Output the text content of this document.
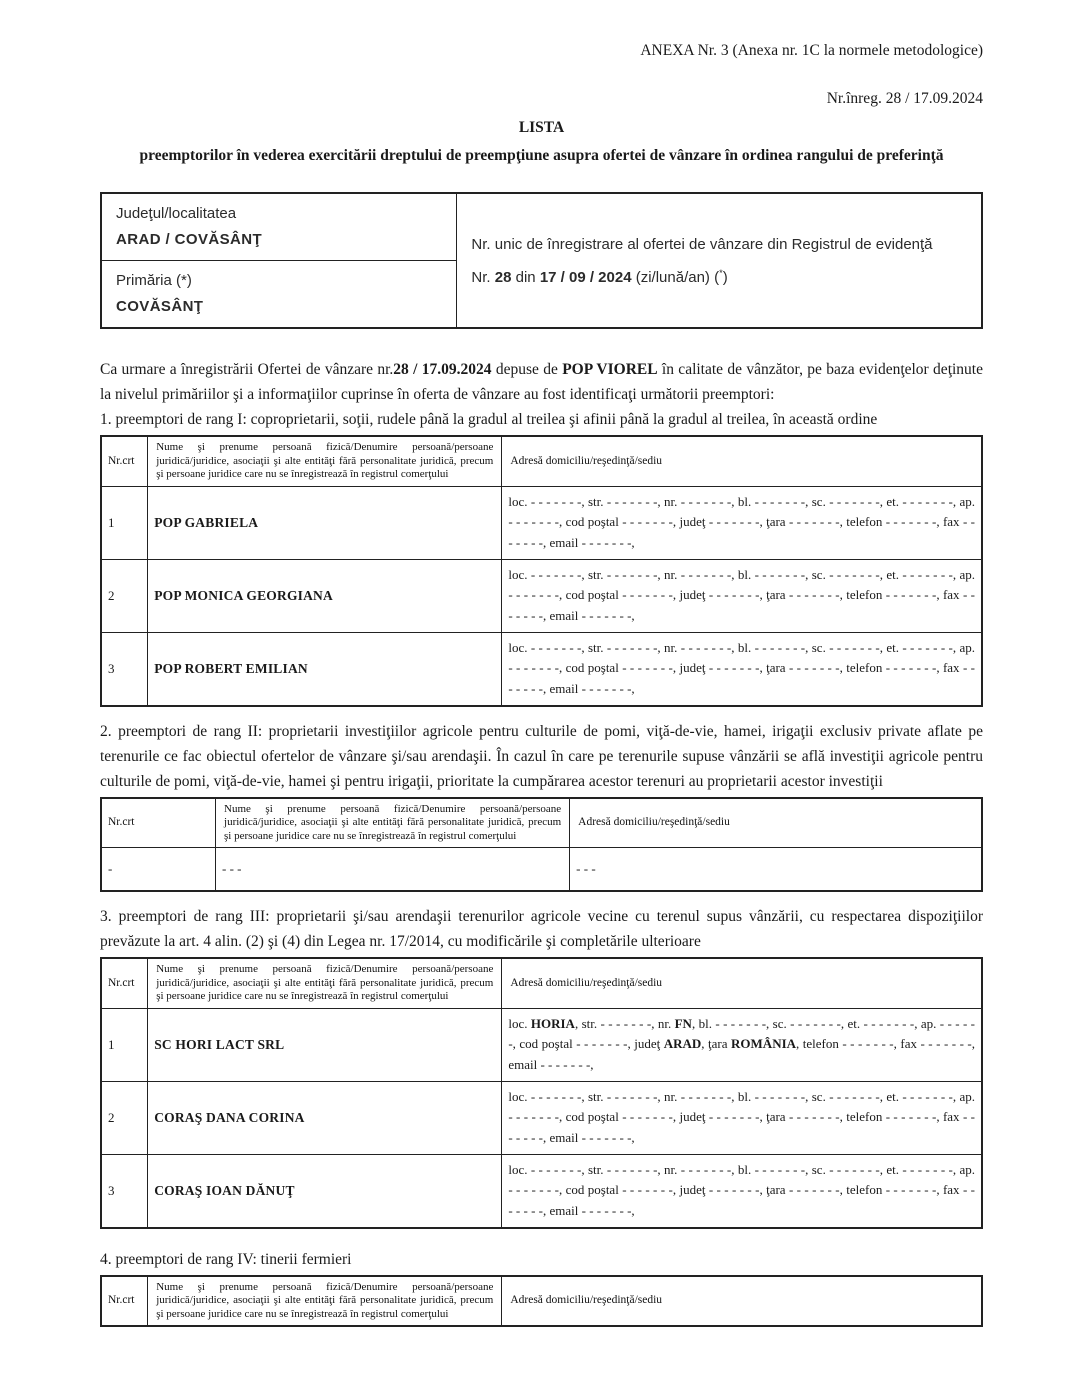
ANEXA Nr. 3 (Anexa nr. 1C la normele metodologice)
Nr.înreg. 28 / 17.09.2024
LISTA
preemptorilor în vederea exercitării dreptului de preempţiune asupra ofertei de vânzare în ordinea rangului de preferinţă
Judeţul/localitatea
ARAD / COVĂSÂNŢ	Nr. unic de înregistrare al ofertei de vânzare din Registrul de evidenţă
Nr. 28 din 17 / 09 / 2024 (zi/lună/an) (*)

Primăria (*)
COVĂSÂNŢ

Ca urmare a înregistrării Ofertei de vânzare nr.28 / 17.09.2024 depuse de POP VIOREL în calitate de vânzător, pe baza evidenţelor deţinute la nivelul primăriilor şi a informaţiilor cuprinse în oferta de vânzare au fost identificaţi următorii preemptori:

1. preemptori de rang I: coproprietarii, soţii, rudele până la gradul al treilea şi afinii până la gradul al treilea, în această ordine

Nr.crt	Nume şi prenume persoană fizică/Denumire persoană/persoane juridică/juridice, asociaţii şi alte entităţi fără personalitate juridică, precum şi persoane juridice care nu se înregistrează în registrul comerţului	Adresă domiciliu/reşedinţă/sediu
1	POP GABRIELA	loc. - - - - - - -, str. - - - - - - -, nr. - - - - - - -, bl. - - - - - - -, sc. - - - - - - -, et. - - - - - - -, ap. - - - - - - -, cod poştal - - - - - - -, judeţ - - - - - - -, ţara - - - - - - -, telefon - - - - - - -, fax - - - - - - -, email - - - - - - -,
2	POP MONICA GEORGIANA	loc. - - - - - - -, str. - - - - - - -, nr. - - - - - - -, bl. - - - - - - -, sc. - - - - - - -, et. - - - - - - -, ap. - - - - - - -, cod poştal - - - - - - -, judeţ - - - - - - -, ţara - - - - - - -, telefon - - - - - - -, fax - - - - - - -, email - - - - - - -,
3	POP ROBERT EMILIAN	loc. - - - - - - -, str. - - - - - - -, nr. - - - - - - -, bl. - - - - - - -, sc. - - - - - - -, et. - - - - - - -, ap. - - - - - - -, cod poştal - - - - - - -, judeţ - - - - - - -, ţara - - - - - - -, telefon - - - - - - -, fax - - - - - - -, email - - - - - - -,

2. preemptori de rang II: proprietarii investiţiilor agricole pentru culturile de pomi, viţă-de-vie, hamei, irigaţii exclusiv private aflate pe terenurile ce fac obiectul ofertelor de vânzare şi/sau arendaşii. În cazul în care pe terenurile supuse vânzării se află investiţii agricole pentru culturile de pomi, viţă-de-vie, hamei şi pentru irigaţii, prioritate la cumpărarea acestor terenuri au proprietarii acestor investiţii

Nr.crt	Nume şi prenume persoană fizică/Denumire persoană/persoane juridică/juridice, asociaţii şi alte entităţi fără personalitate juridică, precum şi persoane juridice care nu se înregistrează în registrul comerţului	Adresă domiciliu/reşedinţă/sediu
-	- - -	- - -

3. preemptori de rang III: proprietarii şi/sau arendaşii terenurilor agricole vecine cu terenul supus vânzării, cu respectarea dispoziţiilor prevăzute la art. 4 alin. (2) şi (4) din Legea nr. 17/2014, cu modificările şi completările ulterioare

Nr.crt	Nume şi prenume persoană fizică/Denumire persoană/persoane juridică/juridice, asociaţii şi alte entităţi fără personalitate juridică, precum şi persoane juridice care nu se înregistrează în registrul comerţului	Adresă domiciliu/reşedinţă/sediu
1	SC HORI LACT SRL	loc. HORIA, str. - - - - - - -, nr. FN, bl. - - - - - - -, sc. - - - - - - -, et. - - - - - - -, ap. - - - - - -, cod poştal - - - - - - -, judeţ ARAD, ţara ROMÂNIA, telefon - - - - - - -, fax - - - - - - -, email - - - - - - -,
2	CORAŞ DANA CORINA	loc. - - - - - - -, str. - - - - - - -, nr. - - - - - - -, bl. - - - - - - -, sc. - - - - - - -, et. - - - - - - -, ap. - - - - - - -, cod poştal - - - - - - -, judeţ - - - - - - -, ţara - - - - - - -, telefon - - - - - - -, fax - - - - - - -, email - - - - - - -,
3	CORAŞ IOAN DĂNUŢ	loc. - - - - - - -, str. - - - - - - -, nr. - - - - - - -, bl. - - - - - - -, sc. - - - - - - -, et. - - - - - - -, ap. - - - - - - -, cod poştal - - - - - - -, judeţ - - - - - - -, ţara - - - - - - -, telefon - - - - - - -, fax - - - - - - -, email - - - - - - -,

4. preemptori de rang IV: tinerii fermieri

Nr.crt	Nume şi prenume persoană fizică/Denumire persoană/persoane juridică/juridice, asociaţii şi alte entităţi fără personalitate juridică, precum şi persoane juridice care nu se înregistrează în registrul comerţului	Adresă domiciliu/reşedinţă/sediu
